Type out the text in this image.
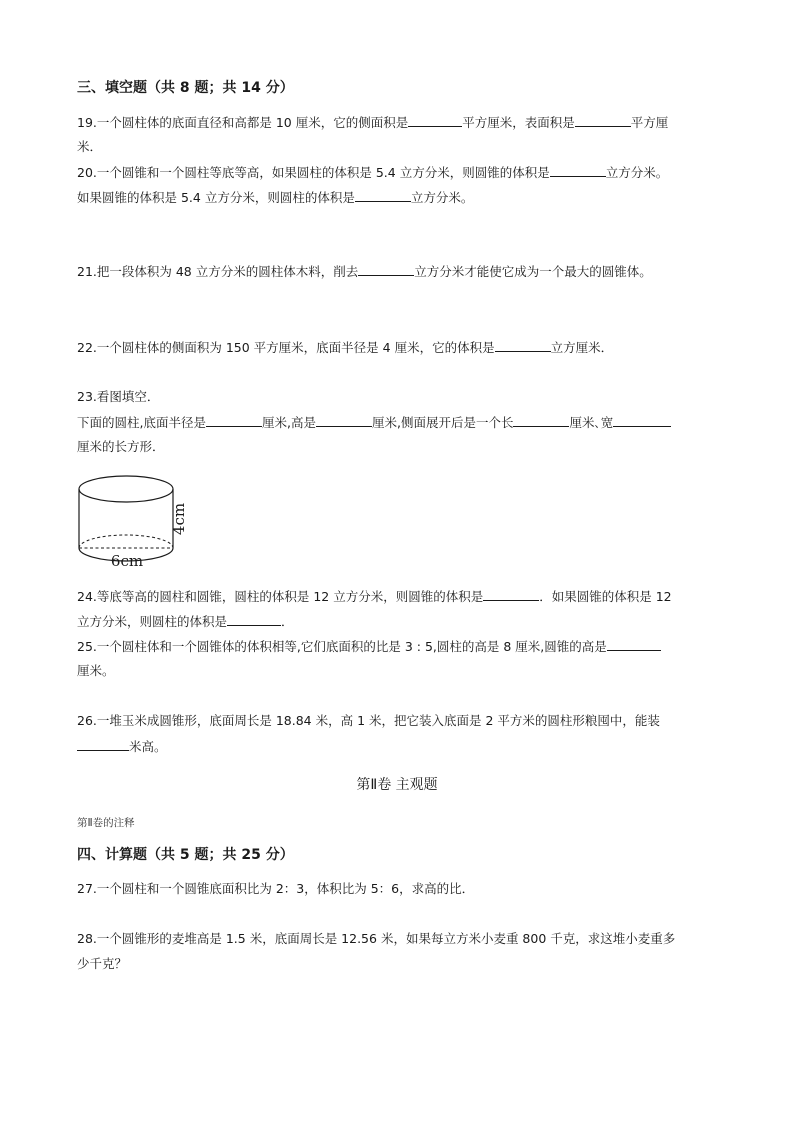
三、填空题（共 8 题；共 14 分）
19.一个圆柱体的底面直径和高都是 10 厘米，它的侧面积是	平方厘米，表面积是	平方厘
米．
20.一个圆锥和一个圆柱等底等高，如果圆柱的体积是 5.4 立方分米，则圆锥的体积是	立方分米。
如果圆锥的体积是 5.4 立方分米，则圆柱的体积是	立方分米。
21.把一段体积为 48 立方分米的圆柱体木料，削去	立方分米才能使它成为一个最大的圆锥体。
22.一个圆柱体的侧面积为 150 平方厘米，底面半径是 4 厘米，它的体积是	立方厘米．
23.看图填空．
下面的圆柱,底面半径是	厘米,高是	厘米,侧面展开后是一个长	厘米､宽
厘米的长方形．
4cm
6cm
24.等底等高的圆柱和圆锥，圆柱的体积是 12 立方分米，则圆锥的体积是	．如果圆锥的体积是 12
立方分米，则圆柱的体积是	．
25.一个圆柱体和一个圆锥体的体积相等,它们底面积的比是 3 : 5,圆柱的高是 8 厘米,圆锥的高是
厘米。
26.一堆玉米成圆锥形，底面周长是 18.84 米，高 1 米，把它装入底面是 2 平方米的圆柱形粮囤中，能装
米高。
第Ⅱ卷 主观题
第Ⅱ卷的注释
四、计算题（共 5 题；共 25 分）
27.一个圆柱和一个圆锥底面积比为 2：3，体积比为 5：6，求高的比．
28.一个圆锥形的麦堆高是 1.5 米，底面周长是 12.56 米，如果每立方米小麦重 800 千克，求这堆小麦重多
少千克？
